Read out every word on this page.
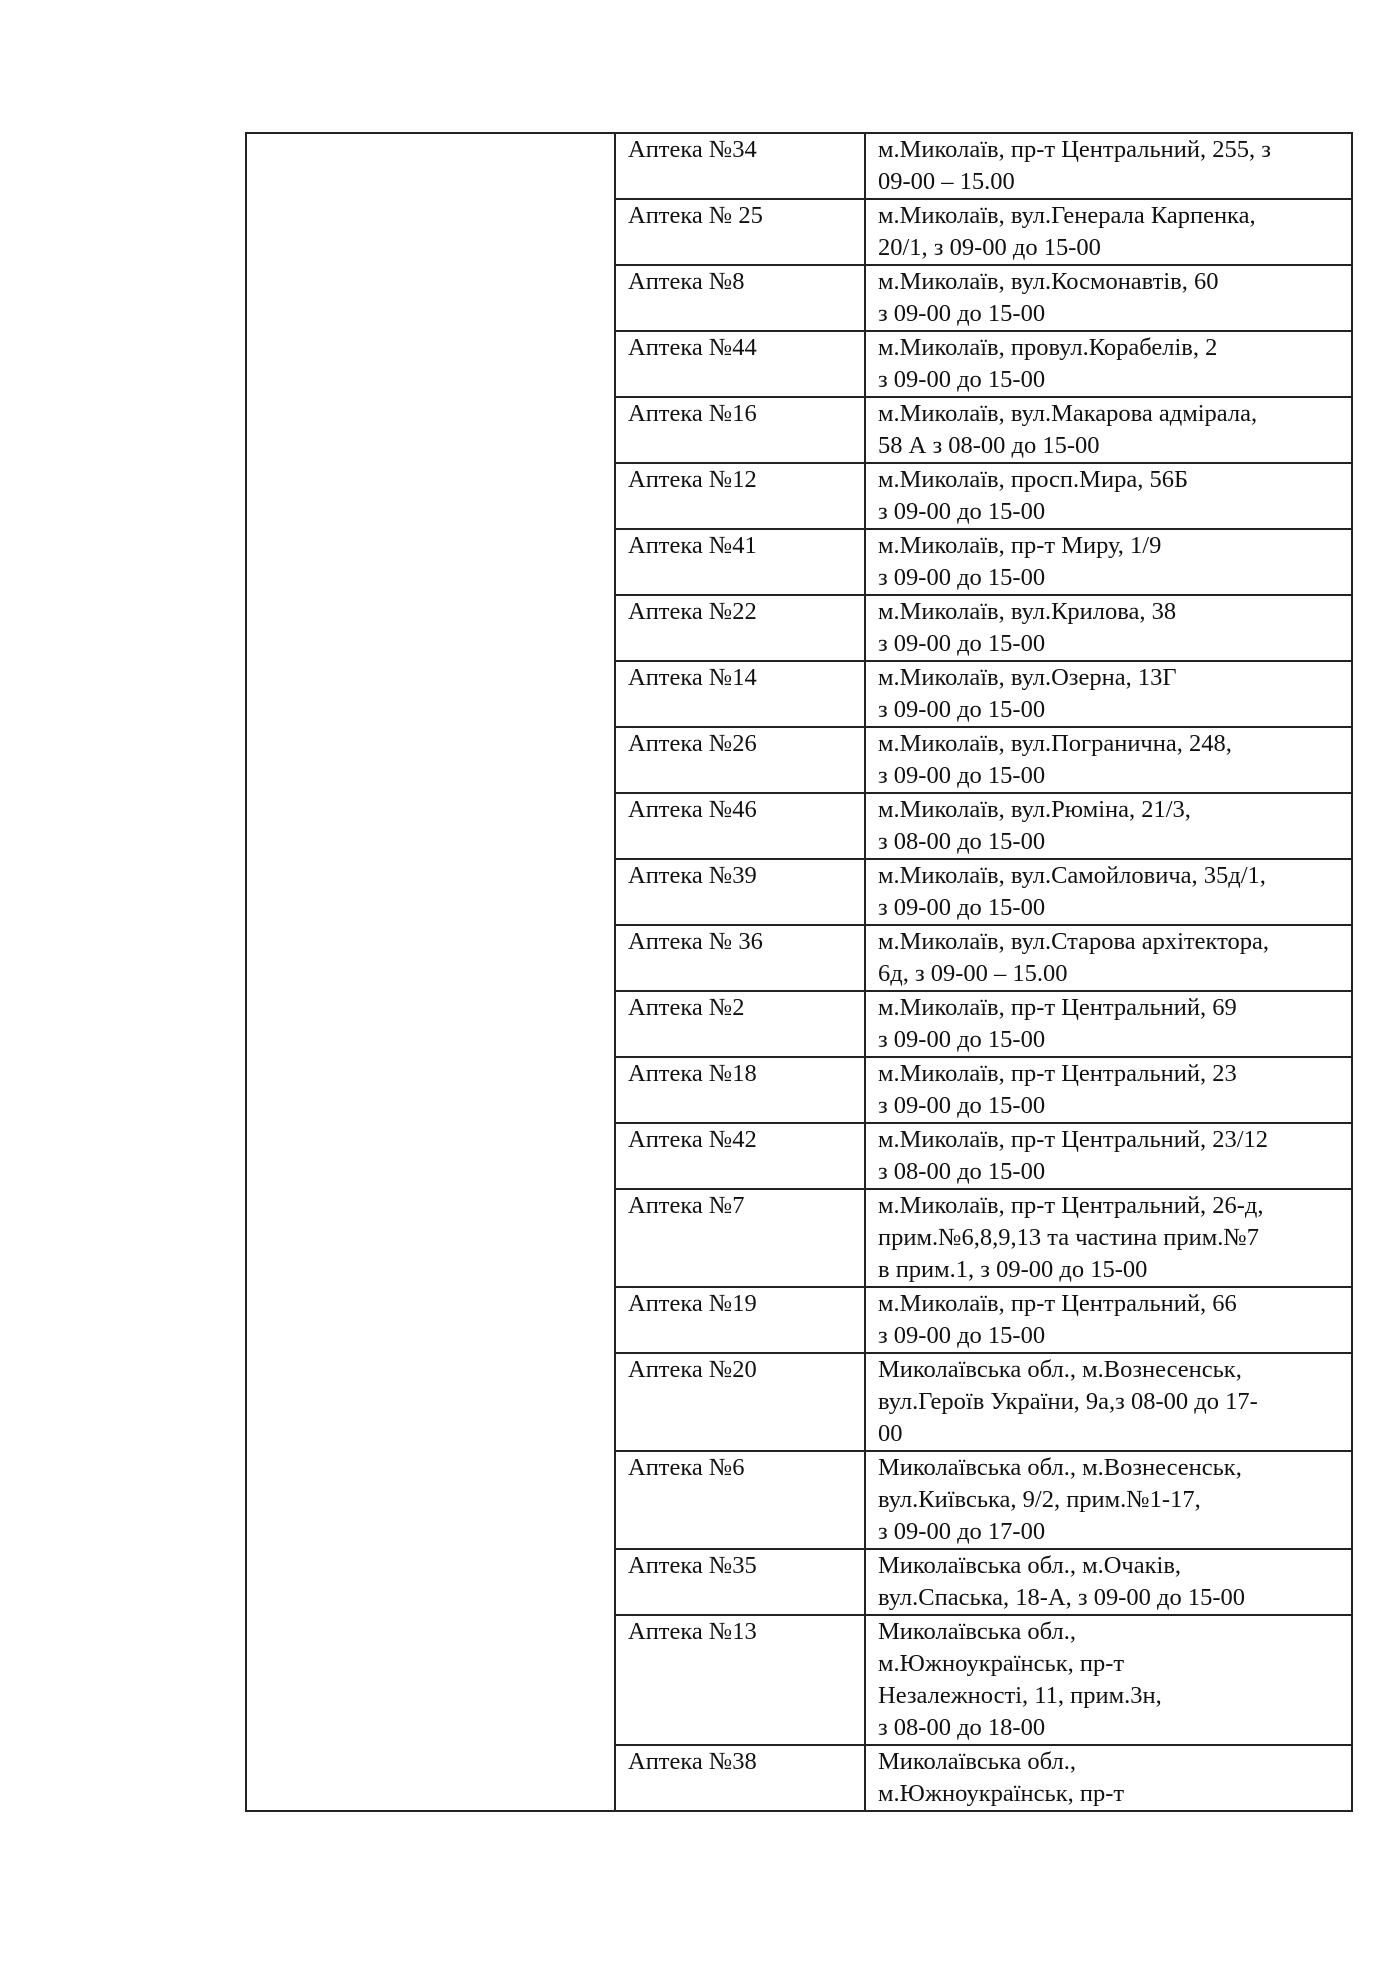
	Аптека №34	м.Миколаїв, пр-т Центральний, 255, з
09-00 – 15.00
	Аптека № 25	м.Миколаїв, вул.Генерала Карпенка,
20/1, з 09-00 до 15-00
	Аптека №8	м.Миколаїв, вул.Космонавтів, 60
з 09-00 до 15-00
	Аптека №44	м.Миколаїв, провул.Корабелів, 2
з 09-00 до 15-00
	Аптека №16	м.Миколаїв, вул.Макарова адмірала,
58 А з 08-00 до 15-00
	Аптека №12	м.Миколаїв, просп.Мира, 56Б
з 09-00 до 15-00
	Аптека №41	м.Миколаїв, пр-т Миру, 1/9
з 09-00 до 15-00
	Аптека №22	м.Миколаїв, вул.Крилова, 38
з 09-00 до 15-00
	Аптека №14	м.Миколаїв, вул.Озерна, 13Г
з 09-00 до 15-00
	Аптека №26	м.Миколаїв, вул.Погранична, 248,
з 09-00 до 15-00
	Аптека №46	м.Миколаїв, вул.Рюміна, 21/3,
з 08-00 до 15-00
	Аптека №39	м.Миколаїв, вул.Самойловича, 35д/1,
з 09-00 до 15-00
	Аптека № 36	м.Миколаїв, вул.Старова архітектора,
6д, з 09-00 – 15.00
	Аптека №2	м.Миколаїв, пр-т Центральний, 69
з 09-00 до 15-00
	Аптека №18	м.Миколаїв, пр-т Центральний, 23
з 09-00 до 15-00
	Аптека №42	м.Миколаїв, пр-т Центральний, 23/12
з 08-00 до 15-00
	Аптека №7	м.Миколаїв, пр-т Центральний, 26-д,
прим.№6,8,9,13 та частина прим.№7
в прим.1, з 09-00 до 15-00
	Аптека №19	м.Миколаїв, пр-т Центральний, 66
з 09-00 до 15-00
	Аптека №20	Миколаївська обл., м.Вознесенськ,
вул.Героїв України, 9а,з 08-00 до 17-
00
	Аптека №6	Миколаївська обл., м.Вознесенськ,
вул.Київська, 9/2, прим.№1-17,
з 09-00 до 17-00
	Аптека №35	Миколаївська обл., м.Очаків,
вул.Спаська, 18-А, з 09-00 до 15-00
	Аптека №13	Миколаївська обл.,
м.Южноукраїнськ, пр-т
Незалежності, 11, прим.3н,
з 08-00 до 18-00
	Аптека №38	Миколаївська обл.,
м.Южноукраїнськ, пр-т
